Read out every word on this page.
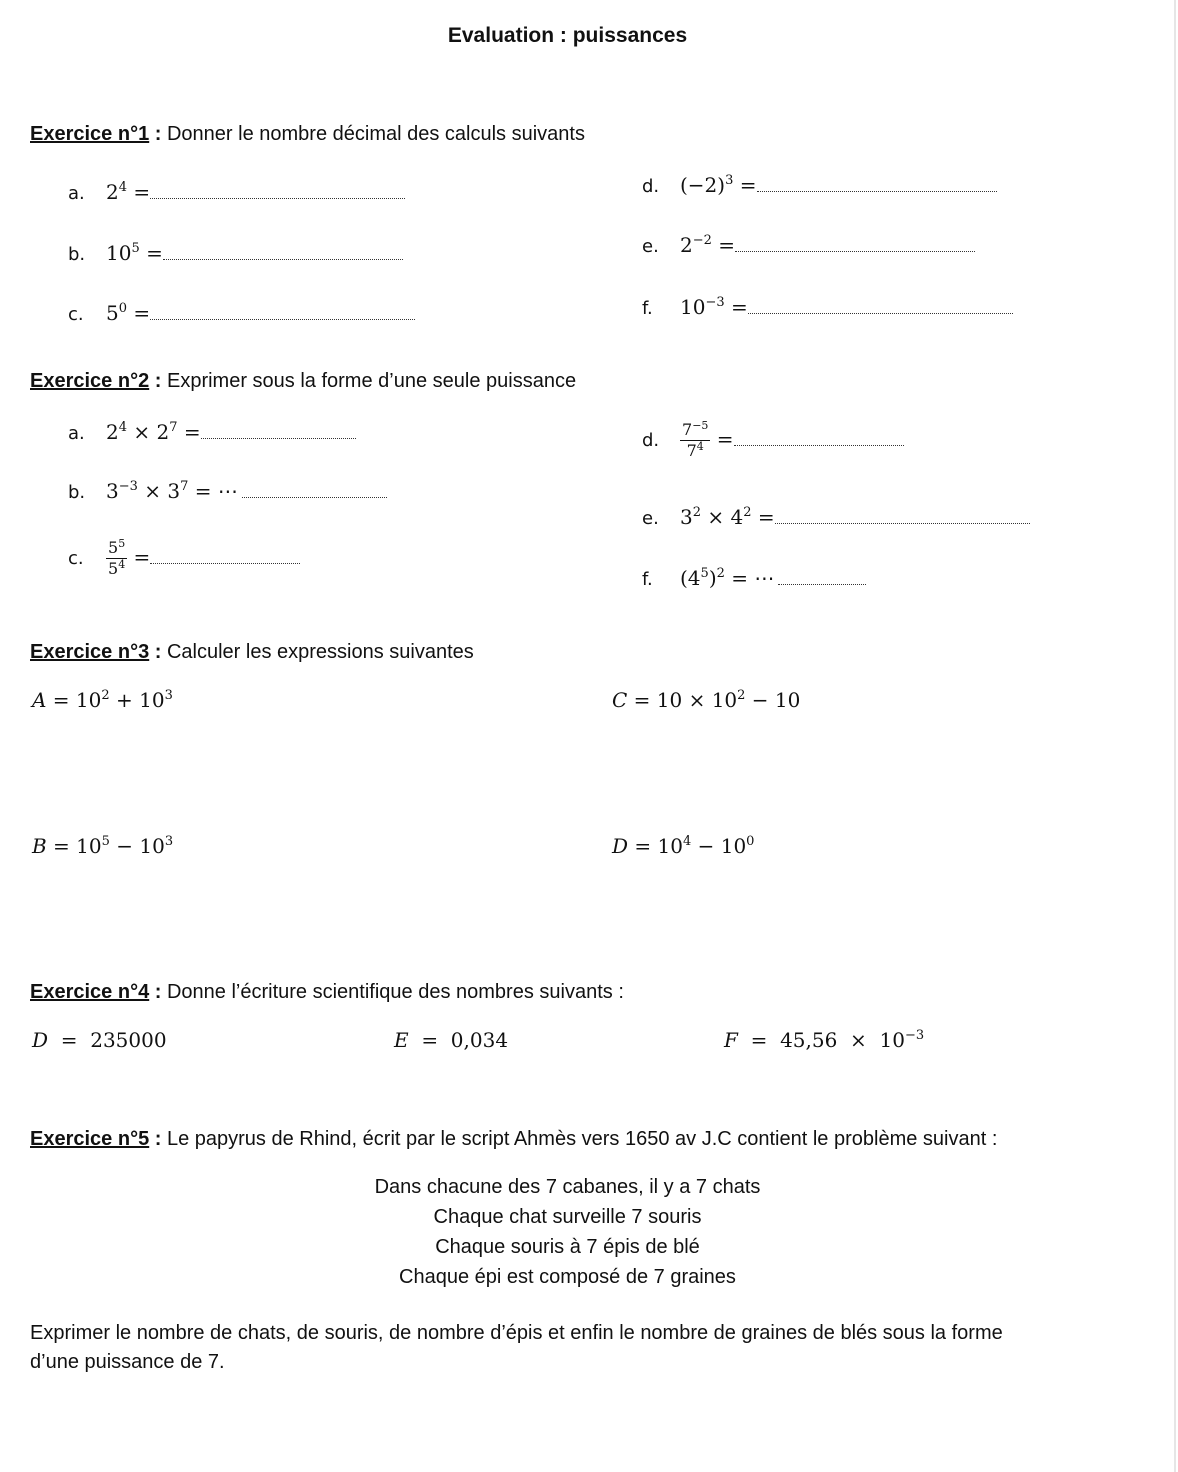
Evaluation : puissances
Exercice n°1 : Donner le nombre décimal des calculs suivants
a. $2^4$ =
b. $10^5$ =
c. $5^0$ =
d. $(-2)^3$ =
e. $2^{-2}$ =
f. $10^{-3}$ =
Exercice n°2 : Exprimer sous la forme d’une seule puissance
a. $2^4 \times 2^7$ =
b. $3^{-3} \times 3^7$ = ⋯
c. $\frac{5^5}{5^4}$ =
d. $\frac{7^{-5}}{7^4}$ =
e. $3^2 \times 4^2$ =
f. $(4^5)^2$ = ⋯
Exercice n°3 : Calculer les expressions suivantes
$A = 10^2 + 10^3$	$C = 10 \times 10^2 - 10$
$B = 10^5 - 10^3$	$D = 10^4 - 10^0$
Exercice n°4 : Donne l’écriture scientifique des nombres suivants :
D  =  235000	E  =  0,034	$F = 45,56 \times 10^{-3}$
Exercice n°5 : Le papyrus de Rhind, écrit par le script Ahmès vers 1650 av J.C contient le problème suivant :
Dans chacune des 7 cabanes, il y a 7 chats
Chaque chat surveille 7 souris
Chaque souris à 7 épis de blé
Chaque épi est composé de 7 graines
Exprimer le nombre de chats, de souris, de nombre d’épis et enfin le nombre de graines de blés sous la forme
d’une puissance de 7.
